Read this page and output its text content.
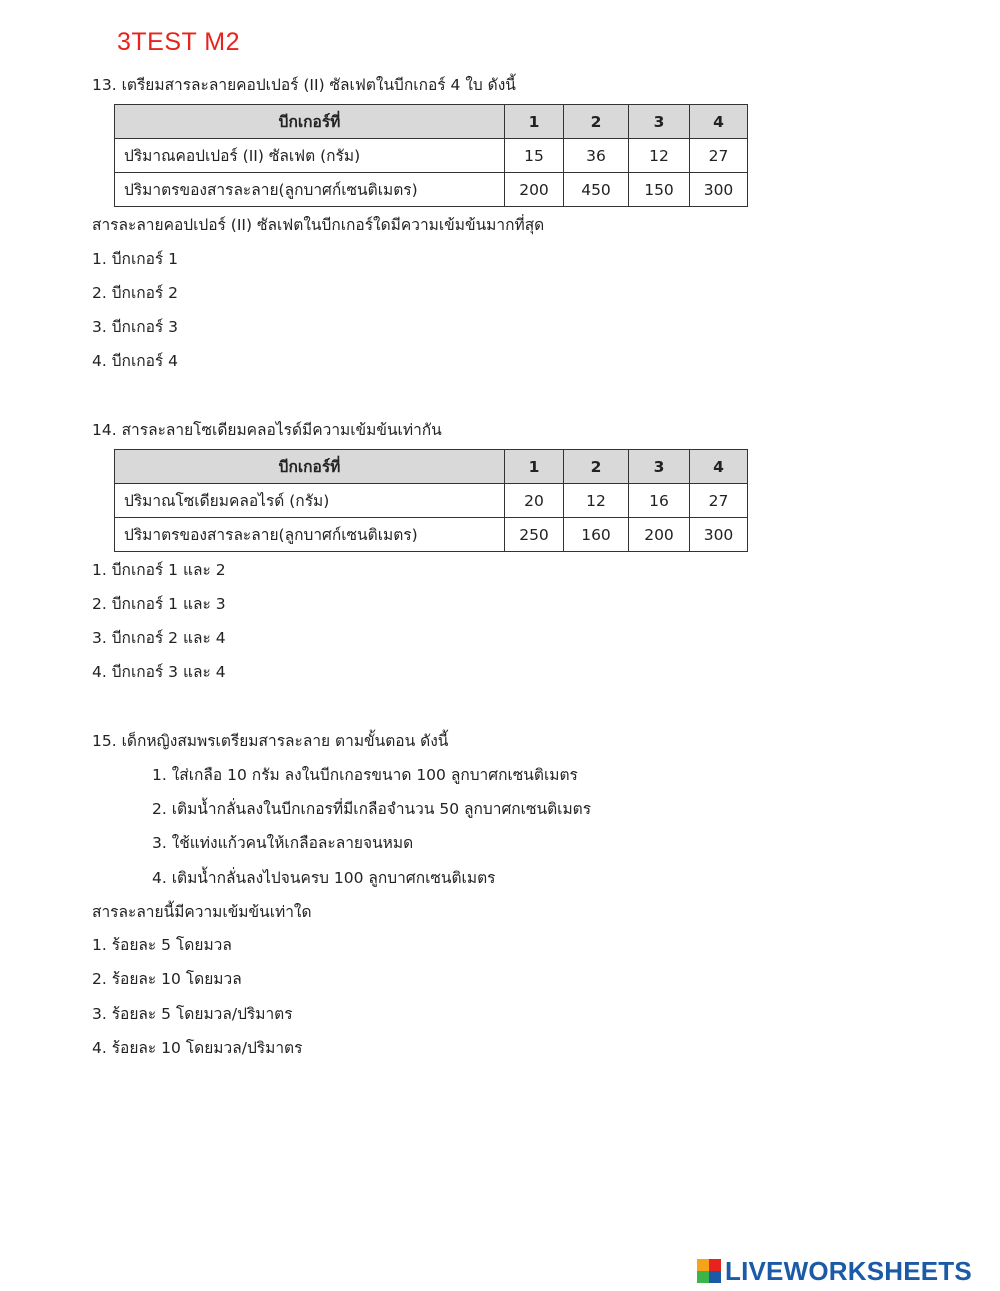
3TEST M2
13. เตรียมสารละลายคอปเปอร์ (II) ซัลเฟตในบีกเกอร์ 4 ใบ ดังนี้
บีกเกอร์ที่	1	2	3	4
ปริมาณคอปเปอร์ (II) ซัลเฟต (กรัม)	15	36	12	27
ปริมาตรของสารละลาย(ลูกบาศก์เซนติเมตร)	200	450	150	300
สารละลายคอปเปอร์ (II) ซัลเฟตในบีกเกอร์ใดมีความเข้มข้นมากที่สุด
1. บีกเกอร์ 1
2. บีกเกอร์ 2
3. บีกเกอร์ 3
4. บีกเกอร์ 4
14. สารละลายโซเดียมคลอไรด์มีความเข้มข้นเท่ากัน
บีกเกอร์ที่	1	2	3	4
ปริมาณโซเดียมคลอไรด์ (กรัม)	20	12	16	27
ปริมาตรของสารละลาย(ลูกบาศก์เซนติเมตร)	250	160	200	300
1. บีกเกอร์ 1 และ 2
2. บีกเกอร์ 1 และ 3
3. บีกเกอร์ 2 และ 4
4. บีกเกอร์ 3 และ 4
15. เด็กหญิงสมพรเตรียมสารละลาย ตามขั้นตอน ดังนี้
1. ใส่เกลือ 10 กรัม ลงในบีกเกอรขนาด 100 ลูกบาศกเซนติเมตร
2. เติมน้ำกลั่นลงในบีกเกอรที่มีเกลือจำนวน 50 ลูกบาศกเซนติเมตร
3. ใช้แท่งแก้วคนให้เกลือละลายจนหมด
4. เติมน้ำกลั่นลงไปจนครบ 100 ลูกบาศกเซนติเมตร
สารละลายนี้มีความเข้มข้นเท่าใด
1. ร้อยละ 5 โดยมวล
2. ร้อยละ 10 โดยมวล
3. ร้อยละ 5 โดยมวล/ปริมาตร
4. ร้อยละ 10 โดยมวล/ปริมาตร
LIVEWORKSHEETS
